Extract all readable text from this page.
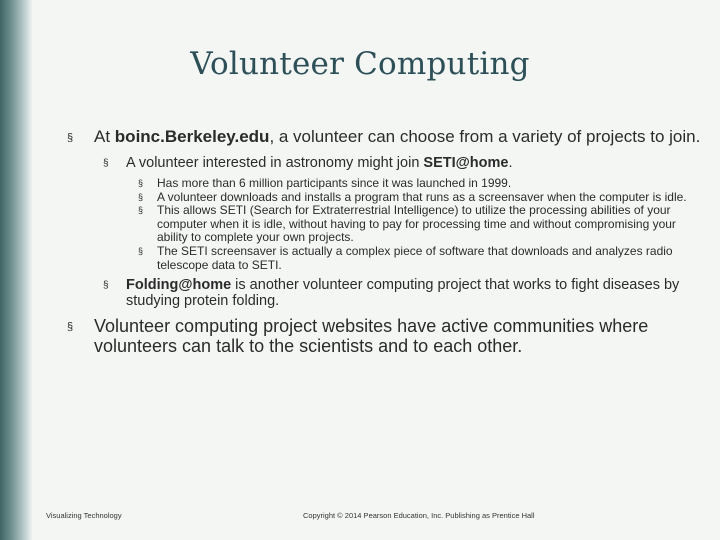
Volunteer Computing
§ At boinc.Berkeley.edu, a volunteer can choose from a variety of projects to join.
§ A volunteer interested in astronomy might join SETI@home.
§ Has more than 6 million participants since it was launched in 1999.
§ A volunteer downloads and installs a program that runs as a screensaver when the computer is idle.
§ This allows SETI (Search for Extraterrestrial Intelligence) to utilize the processing abilities of your computer when it is idle, without having to pay for processing time and without compromising your ability to complete your own projects.
§ The SETI screensaver is actually a complex piece of software that downloads and analyzes radio telescope data to SETI.
§ Folding@home is another volunteer computing project that works to fight diseases by studying protein folding.
§ Volunteer computing project websites have active communities where volunteers can talk to the scientists and to each other.
Visualizing Technology	Copyright © 2014 Pearson Education, Inc. Publishing as Prentice Hall
